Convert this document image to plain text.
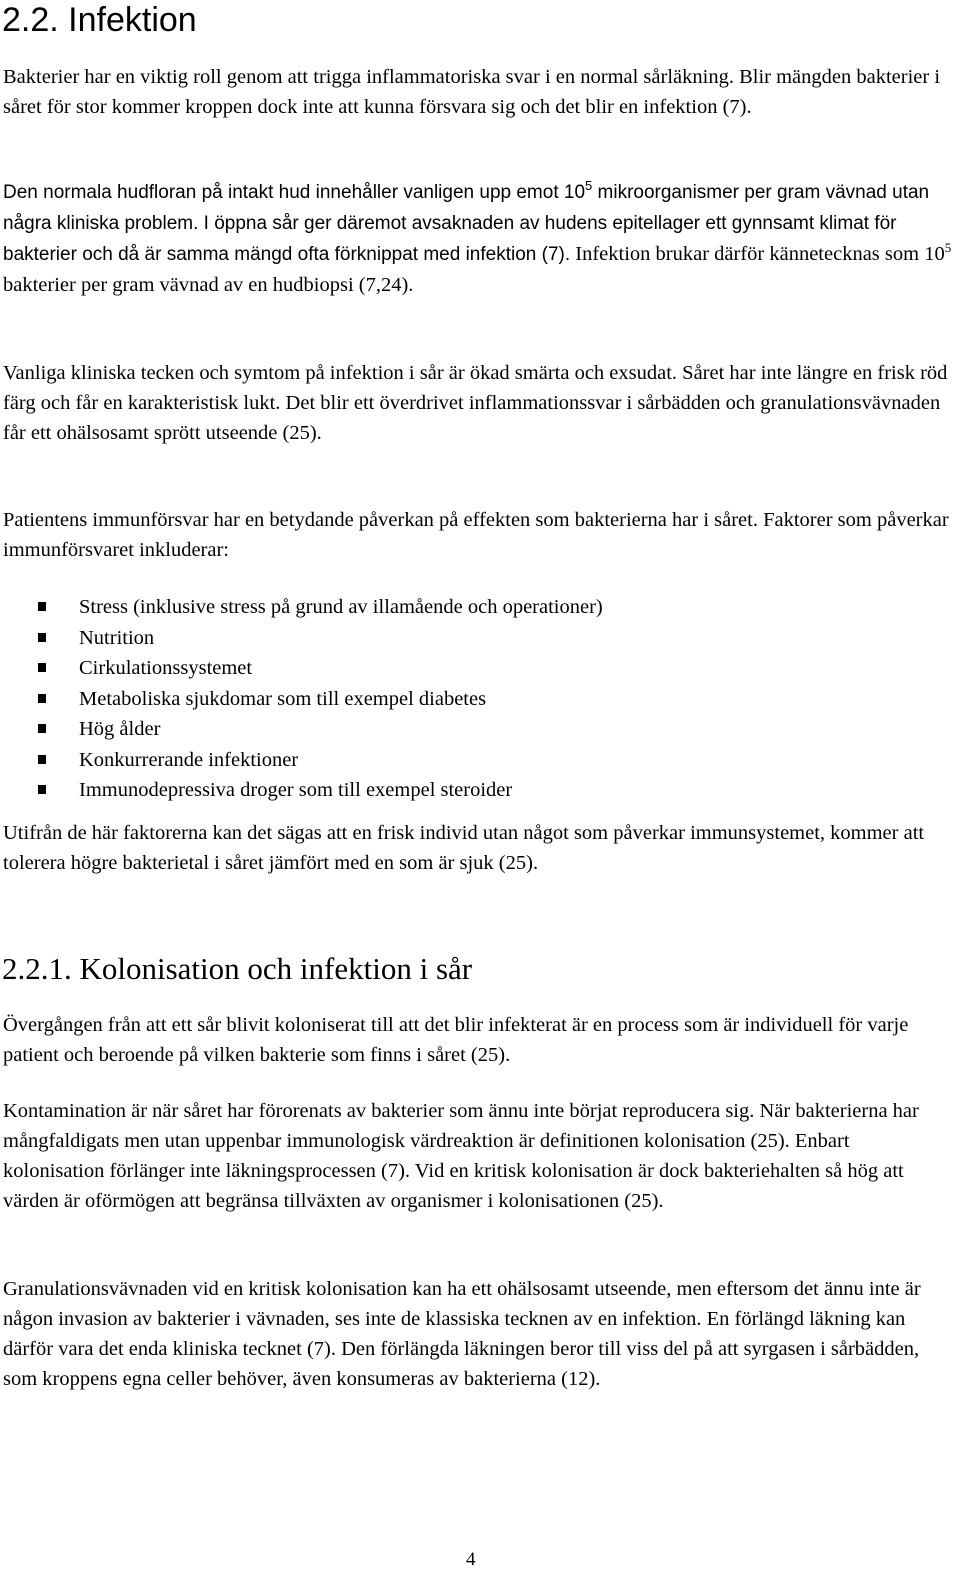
2.2. Infektion

Bakterier har en viktig roll genom att trigga inflammatoriska svar i en normal sårläkning. Blir mängden bakterier i såret för stor kommer kroppen dock inte att kunna försvara sig och det blir en infektion (7).

Den normala hudfloran på intakt hud innehåller vanligen upp emot $10^5$ mikroorganismer per gram vävnad utan några kliniska problem. I öppna sår ger däremot avsaknaden av hudens epitellager ett gynnsamt klimat för bakterier och då är samma mängd ofta förknippat med infektion (7). Infektion brukar därför kännetecknas som $10^5$ bakterier per gram vävnad av en hudbiopsi (7,24).

Vanliga kliniska tecken och symtom på infektion i sår är ökad smärta och exsudat. Såret har inte längre en frisk röd färg och får en karakteristisk lukt. Det blir ett överdrivet inflammationssvar i sårbädden och granulationsvävnaden får ett ohälsosamt sprött utseende (25).

Patientens immunförsvar har en betydande påverkan på effekten som bakterierna har i såret. Faktorer som påverkar immunförsvaret inkluderar:

Stress (inklusive stress på grund av illamående och operationer)
Nutrition
Cirkulationssystemet
Metaboliska sjukdomar som till exempel diabetes
Hög ålder
Konkurrerande infektioner
Immunodepressiva droger som till exempel steroider

Utifrån de här faktorerna kan det sägas att en frisk individ utan något som påverkar immunsystemet, kommer att tolerera högre bakterietal i såret jämfört med en som är sjuk (25).

2.2.1. Kolonisation och infektion i sår

Övergången från att ett sår blivit koloniserat till att det blir infekterat är en process som är individuell för varje patient och beroende på vilken bakterie som finns i såret (25).

Kontamination är när såret har förorenats av bakterier som ännu inte börjat reproducera sig. När bakterierna har mångfaldigats men utan uppenbar immunologisk värdreaktion är definitionen kolonisation (25). Enbart kolonisation förlänger inte läkningsprocessen (7). Vid en kritisk kolonisation är dock bakteriehalten så hög att värden är oförmögen att begränsa tillväxten av organismer i kolonisationen (25).

Granulationsvävnaden vid en kritisk kolonisation kan ha ett ohälsosamt utseende, men eftersom det ännu inte är någon invasion av bakterier i vävnaden, ses inte de klassiska tecknen av en infektion. En förlängd läkning kan därför vara det enda kliniska tecknet (7). Den förlängda läkningen beror till viss del på att syrgasen i sårbädden, som kroppens egna celler behöver, även konsumeras av bakterierna (12).

4
